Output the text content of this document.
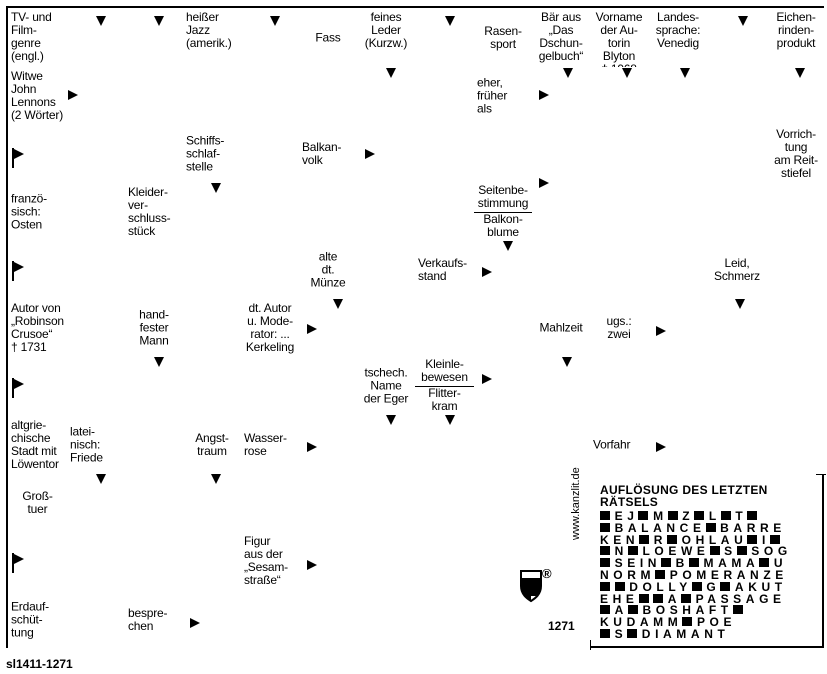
TV- und
Film-
genre
(engl.)
heißer
Jazz
(amerik.)	Fass
feines
Leder
(Kurzw.)
Rasen-
sport
Bär aus
„Das
Dschun-
gelbuch“
Vorname
der Au-
torin Blyton

Landes-
sprache:
Venedig
Eichen-
rinden-
produkt
Witwe
John
Lennons
(2 Wörter)
eher,
früher
als
Schiffs-
schlaf-
stelle
Balkan-
volk
Vorrich-
tung
am Reit-
stiefel
franzö-
sisch:
Osten
Kleider-
ver-
schluss-
stück
Seitenbe-
stimmung
Balkon-
blume
alte
dt.
Münze
Verkaufs-
stand
Leid,
Schmerz
Autor von
„Robinson
Crusoe“
† 1731
hand-
fester
Mann
dt. Autor
u. Mode-
rator: ...
Kerkeling
Mahlzeit	ugs.:
zwei
tschech.
Name
der Eger
Kleinle-
bewesen
Flitter-
kram
altgrie-
chische
Stadt mit
Löwentor
latei-
nisch:
Friede
Angst-
traum
Wasser-
rose	Vorfahr
Groß-
tuer
Figur
aus der
„Sesam-
straße“
Erdauf-
schüt-
tung
bespre-
chen
AUFLÖSUNG DES LETZTEN RÄTSELS
EJ M Z L T
BALANCE BARRE
KEN R OHLAU I
N LOEWE S SOG
SEIN B MAMA U
NORM POMERANZE
DOLLY G AKUT
EHE A PASSAGE
A BOSHAFT
KUDAMM POE
S DIAMANT
www.kanzlit.de
®
1271
sl1411-1271
